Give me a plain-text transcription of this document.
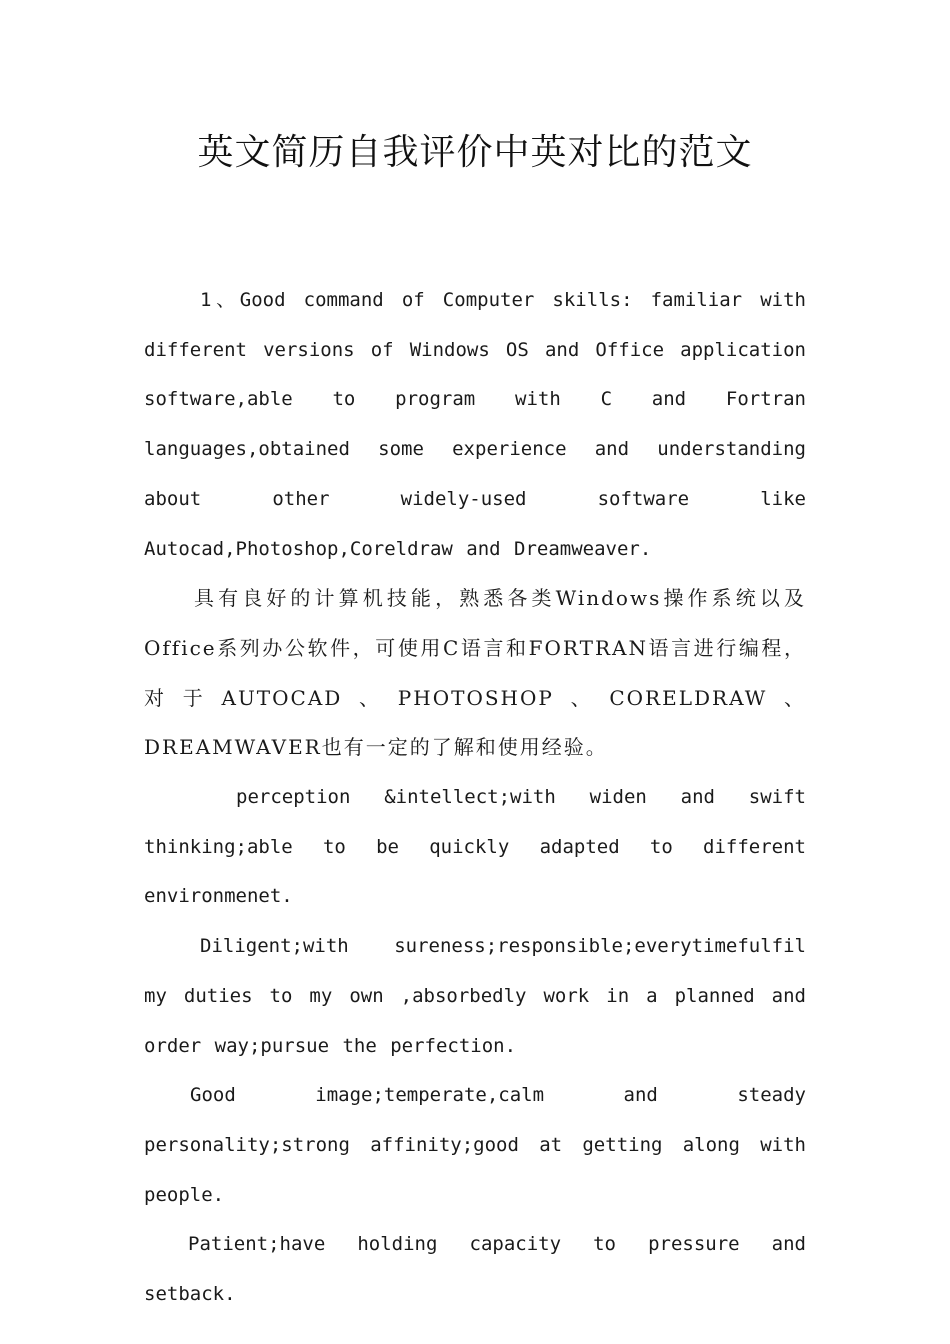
英文简历自我评价中英对比的范文

1、Good command of Computer skills: familiar with different versions of Windows OS and Office application software,able to program with C and Fortran languages,obtained some experience and understanding about other widely-used software like Autocad,Photoshop,Coreldraw and Dreamweaver.

具有良好的计算机技能，熟悉各类Windows操作系统以及Office系列办公软件，可使用C语言和FORTRAN语言进行编程，对于AUTOCAD、PHOTOSHOP、CORELDRAW、DREAMWAVER也有一定的了解和使用经验。

perception &intellect;with widen and swift thinking;able to be quickly adapted to different environmenet.

Diligent;with sureness;responsible;everytimefulfil my duties to my own ,absorbedly work in a planned and order way;pursue the perfection.

Good image;temperate,calm and steady personality;strong affinity;good at getting along with people.

Patient;have holding capacity to pressure and setback.
